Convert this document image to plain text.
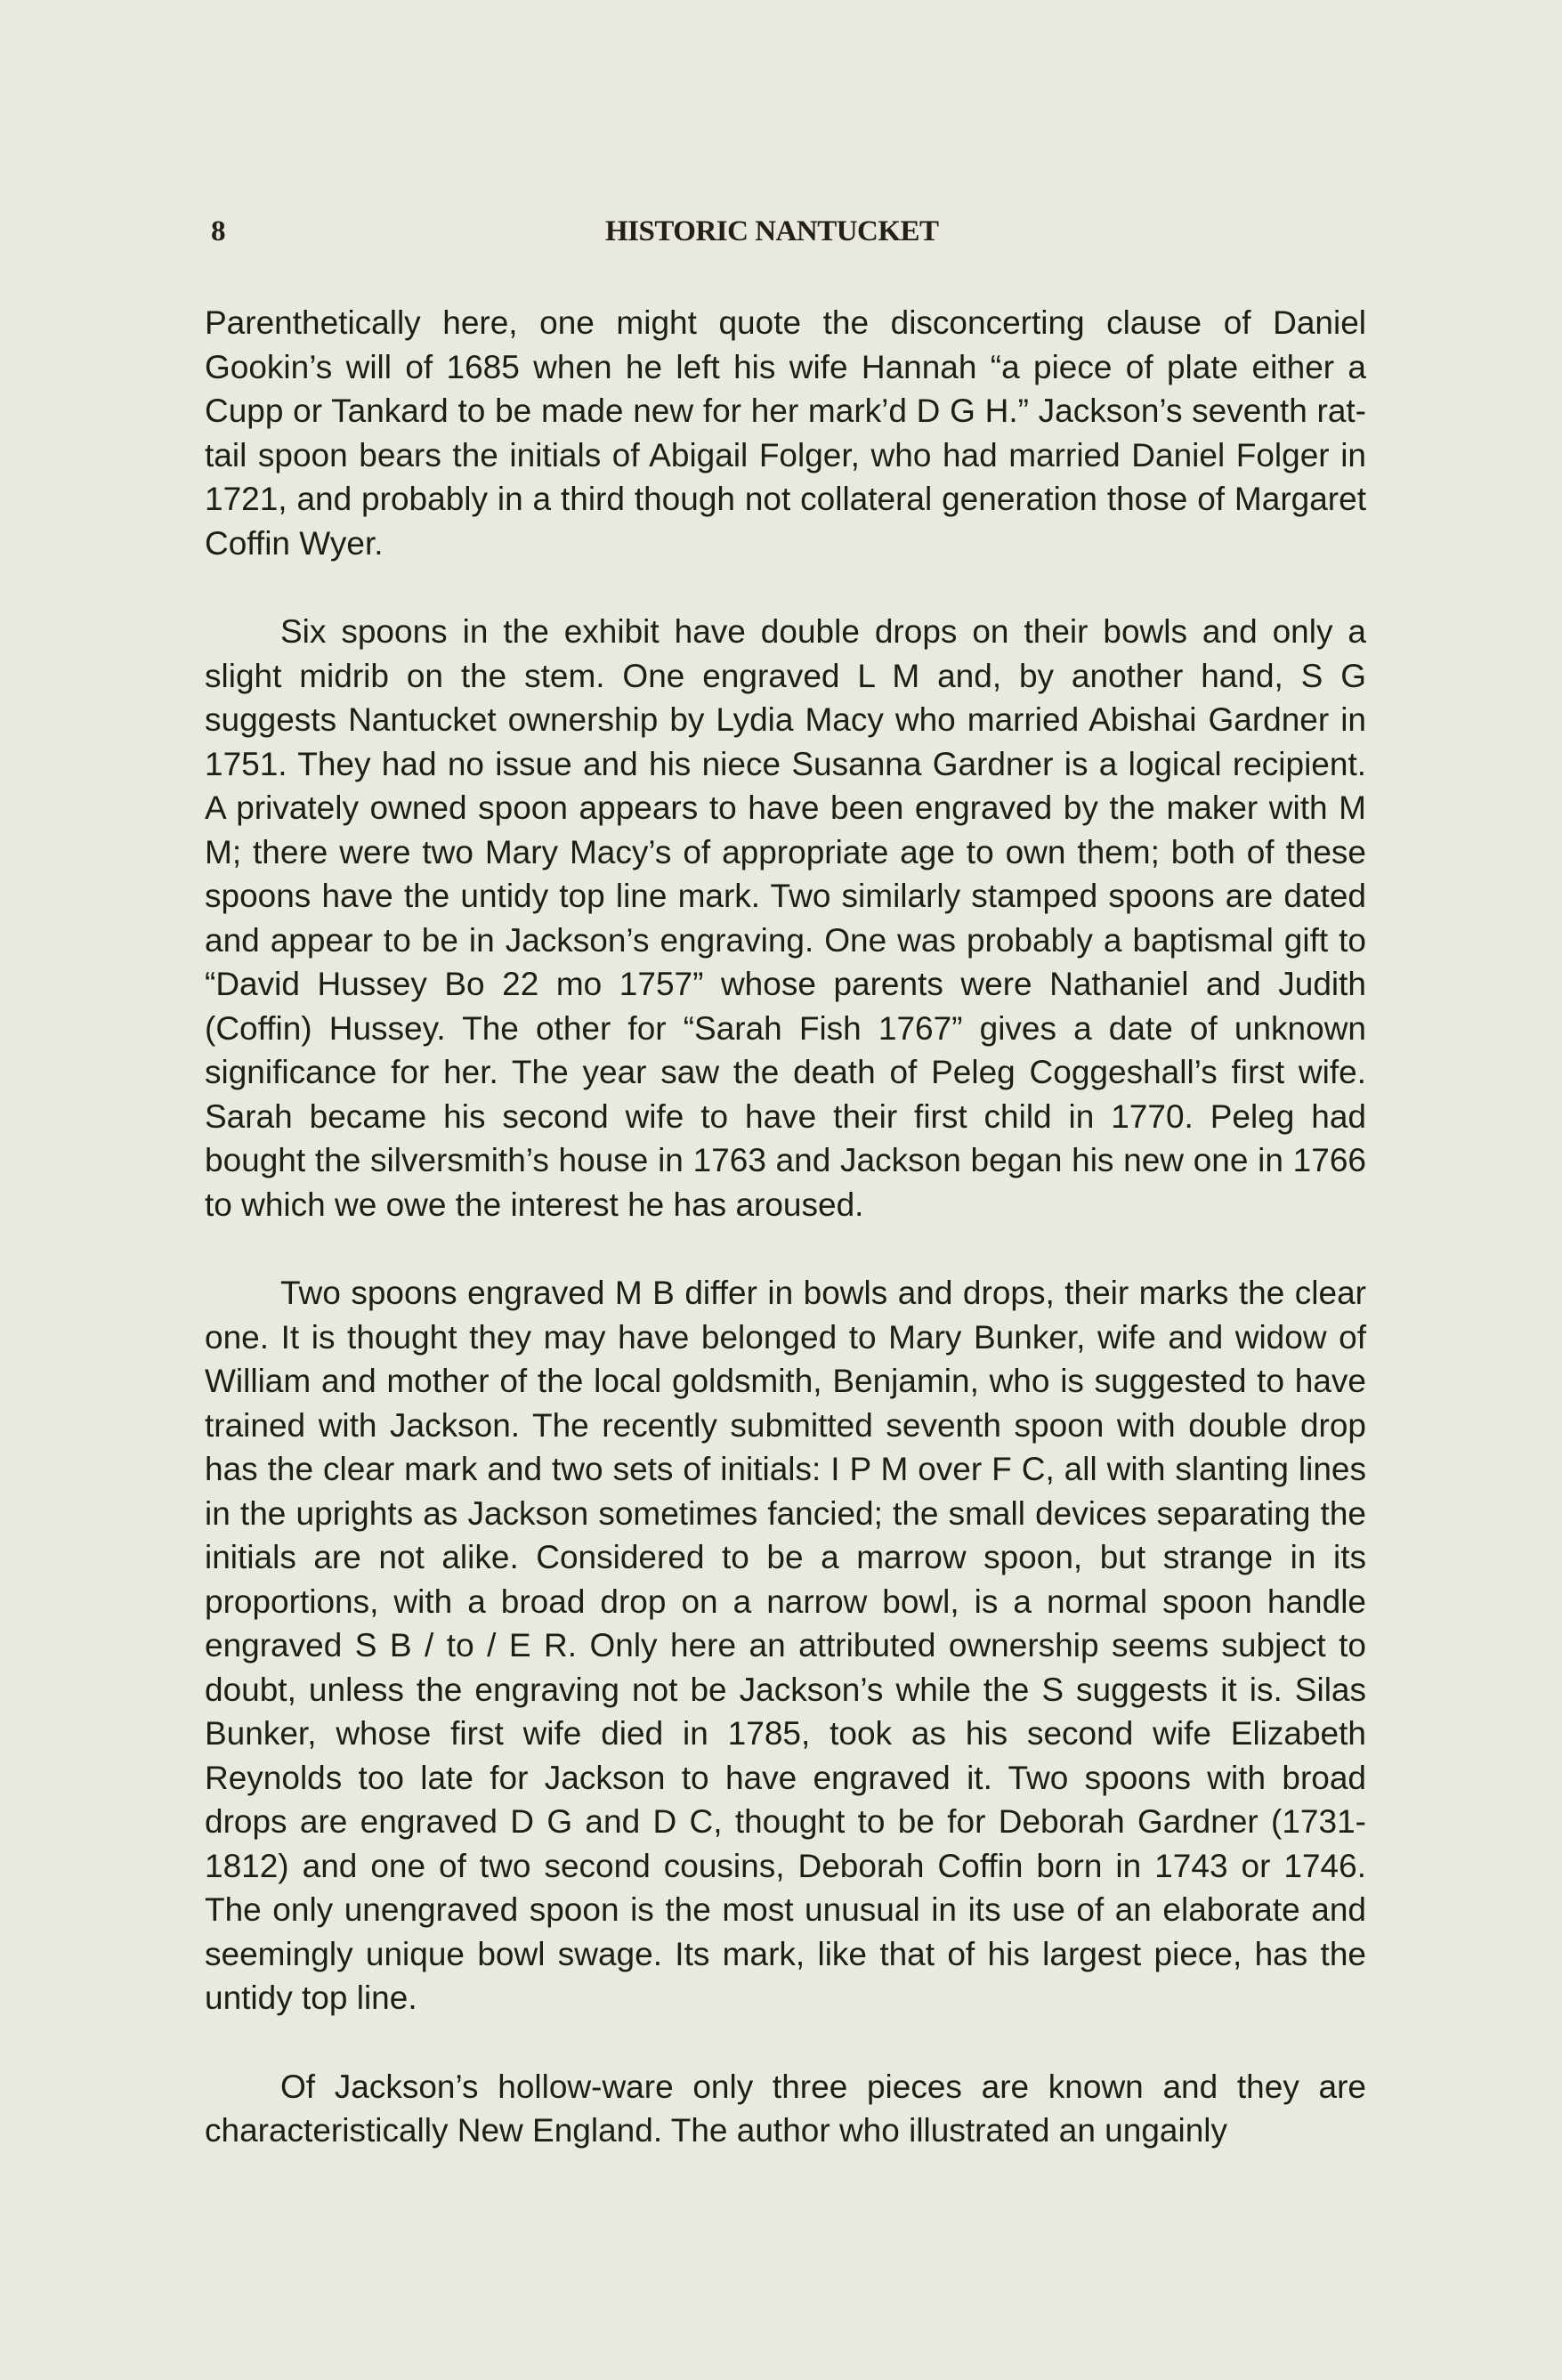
8	HISTORIC NANTUCKET

Parenthetically here, one might quote the disconcerting clause of Daniel Gookin’s will of 1685 when he left his wife Hannah “a piece of plate either a Cupp or Tankard to be made new for her mark’d D G H.” Jackson’s seventh rat-tail spoon bears the initials of Abigail Folger, who had married Daniel Folger in 1721, and probably in a third though not collateral generation those of Margaret Coffin Wyer.

Six spoons in the exhibit have double drops on their bowls and only a slight midrib on the stem. One engraved L M and, by another hand, S G suggests Nantucket ownership by Lydia Macy who married Abishai Gardner in 1751. They had no issue and his niece Susanna Gardner is a logical recipient. A privately owned spoon appears to have been engraved by the maker with M M; there were two Mary Macy’s of appropriate age to own them; both of these spoons have the untidy top line mark. Two similarly stamped spoons are dated and appear to be in Jackson’s engraving. One was probably a baptismal gift to “David Hussey Bo 22 mo 1757” whose parents were Nathaniel and Judith (Coffin) Hussey. The other for “Sarah Fish 1767” gives a date of unknown significance for her. The year saw the death of Peleg Coggeshall’s first wife. Sarah became his second wife to have their first child in 1770. Peleg had bought the silversmith’s house in 1763 and Jackson began his new one in 1766 to which we owe the interest he has aroused.

Two spoons engraved M B differ in bowls and drops, their marks the clear one. It is thought they may have belonged to Mary Bunker, wife and widow of William and mother of the local goldsmith, Benjamin, who is suggested to have trained with Jackson. The recently submitted seventh spoon with double drop has the clear mark and two sets of initials: I P M over F C, all with slanting lines in the uprights as Jackson sometimes fancied; the small devices separating the initials are not alike. Considered to be a marrow spoon, but strange in its proportions, with a broad drop on a narrow bowl, is a normal spoon handle engraved S B / to / E R. Only here an attributed ownership seems subject to doubt, unless the engraving not be Jackson’s while the S suggests it is. Silas Bunker, whose first wife died in 1785, took as his second wife Elizabeth Reynolds too late for Jackson to have engraved it. Two spoons with broad drops are engraved D G and D C, thought to be for Deborah Gardner (1731-1812) and one of two second cousins, Deborah Coffin born in 1743 or 1746. The only unengraved spoon is the most unusual in its use of an elaborate and seemingly unique bowl swage. Its mark, like that of his largest piece, has the untidy top line.

Of Jackson’s hollow-ware only three pieces are known and they are characteristically New England. The author who illustrated an ungainly
